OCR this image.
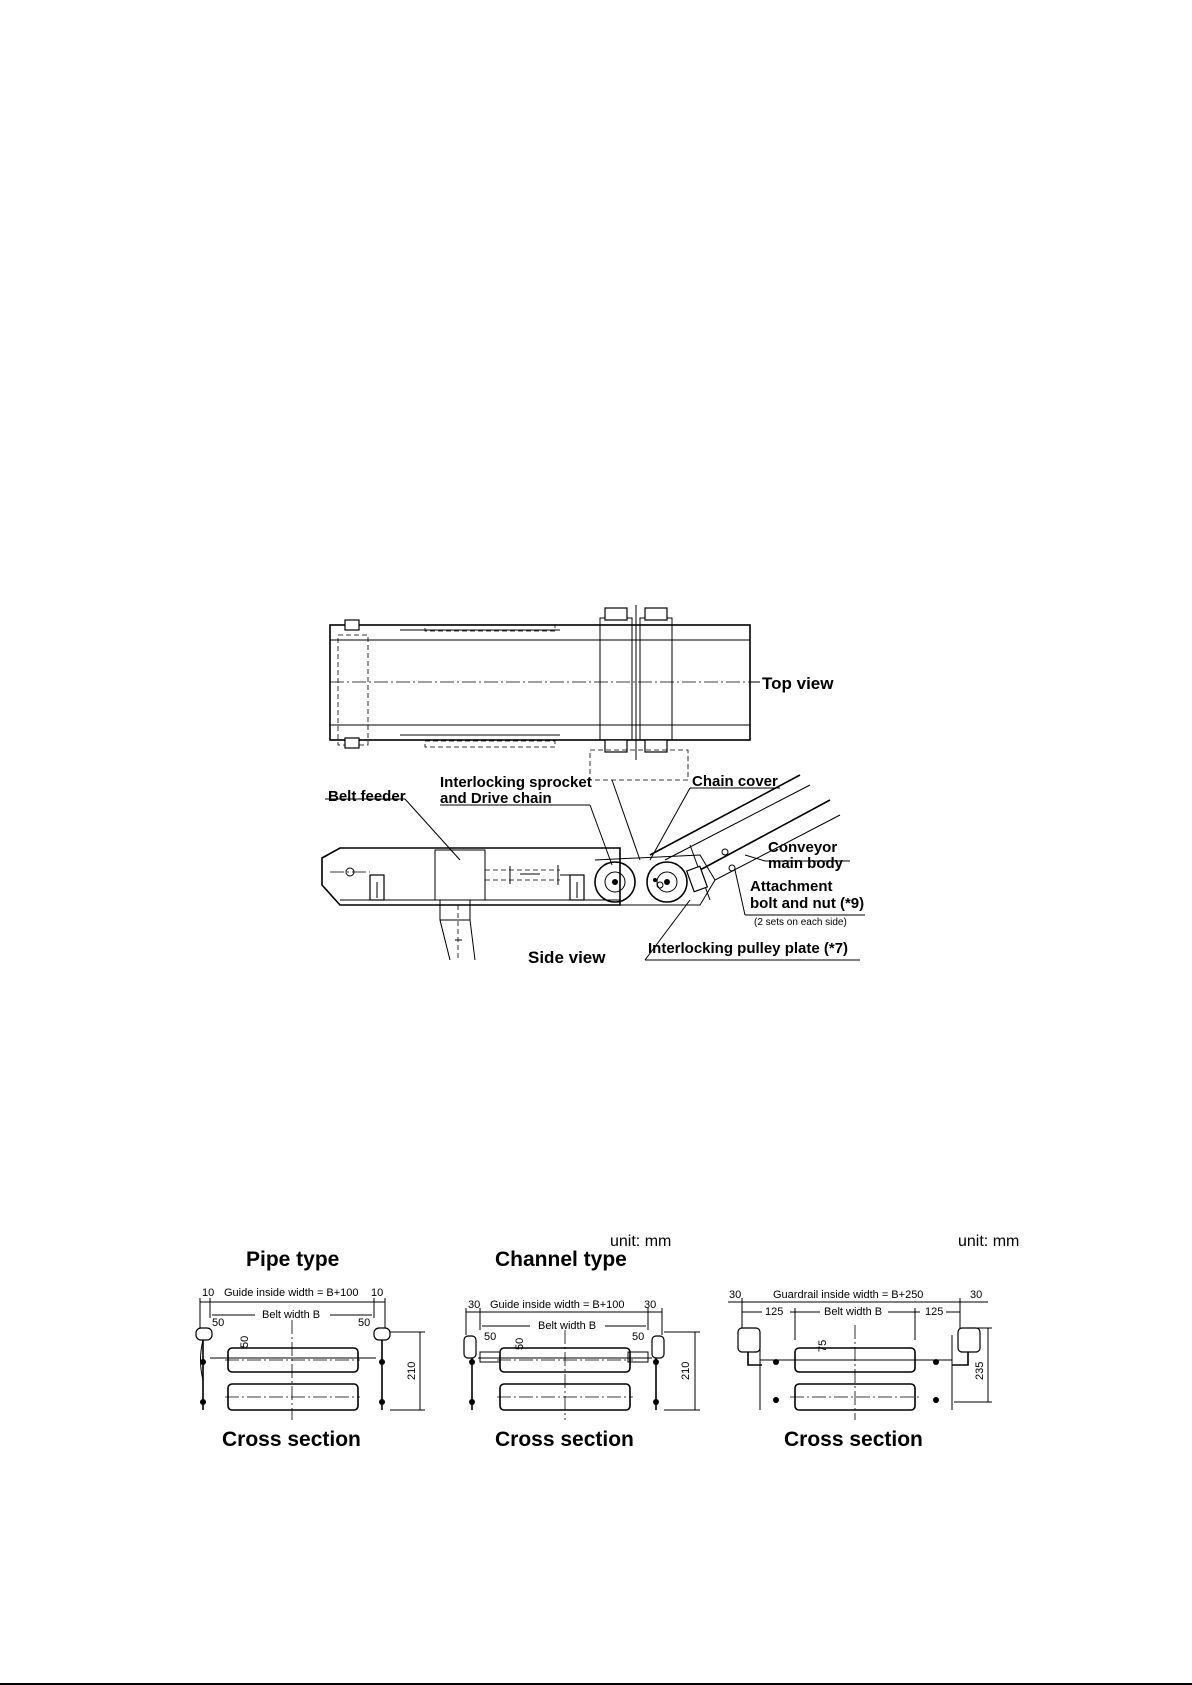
Top view
Side view
Belt feeder
Interlocking sprocket
and Drive chain
Chain cover
Conveyor
main body
Attachment
bolt and nut (*9)
(2 sets on each side)
Interlocking pulley plate (*7)
unit: mm	unit: mm
Pipe type
10 Guide inside width = B+100 10
Belt width B
50	50
50
210
Cross section
Channel type
30 Guide inside width = B+100 30
Belt width B
50	50
50
210
Cross section
30	Guardrail inside width = B+250	30
125	Belt width B	125
75
235
Cross section
